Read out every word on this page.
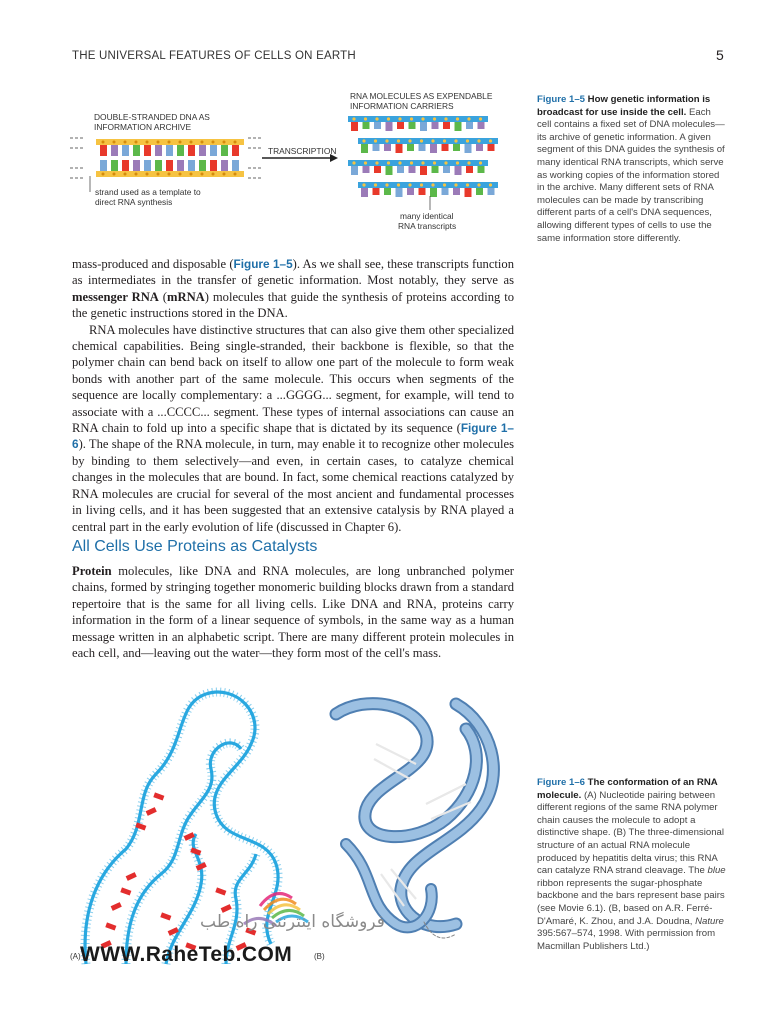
THE UNIVERSAL FEATURES OF CELLS ON EARTH	5
DOUBLE-STRANDED DNA AS
INFORMATION ARCHIVE
TRANSCRIPTION
RNA MOLECULES AS EXPENDABLE
INFORMATION CARRIERS
strand used as a template to
direct RNA synthesis
many identical
RNA transcripts
Figure 1–5 How genetic information is broadcast for use inside the cell. Each cell contains a fixed set of DNA molecules—its archive of genetic information. A given segment of this DNA guides the synthesis of many identical RNA transcripts, which serve as working copies of the information stored in the archive. Many different sets of RNA molecules can be made by transcribing different parts of a cell's DNA sequences, allowing different types of cells to use the same information store differently.

mass-produced and disposable (Figure 1–5). As we shall see, these transcripts function as intermediates in the transfer of genetic information. Most notably, they serve as messenger RNA (mRNA) molecules that guide the synthesis of proteins according to the genetic instructions stored in the DNA.

RNA molecules have distinctive structures that can also give them other specialized chemical capabilities. Being single-stranded, their backbone is flexible, so that the polymer chain can bend back on itself to allow one part of the molecule to form weak bonds with another part of the same molecule. This occurs when segments of the sequence are locally complementary: a ...GGGG... segment, for example, will tend to associate with a ...CCCC... segment. These types of internal associations can cause an RNA chain to fold up into a specific shape that is dictated by its sequence (Figure 1–6). The shape of the RNA molecule, in turn, may enable it to recognize other molecules by binding to them selectively—and even, in certain cases, to catalyze chemical changes in the molecules that are bound. In fact, some chemical reactions catalyzed by RNA molecules are crucial for several of the most ancient and fundamental processes in living cells, and it has been suggested that an extensive catalysis by RNA played a central part in the early evolution of life (discussed in Chapter 6).

All Cells Use Proteins as Catalysts

Protein molecules, like DNA and RNA molecules, are long unbranched polymer chains, formed by stringing together monomeric building blocks drawn from a standard repertoire that is the same for all living cells. Like DNA and RNA, proteins carry information in the form of a linear sequence of symbols, in the same way as a human message written in an alphabetic script. There are many different protein molecules in each cell, and—leaving out the water—they form most of the cell's mass.

(A)	(B)
Figure 1–6 The conformation of an RNA molecule. (A) Nucleotide pairing between different regions of the same RNA polymer chain causes the molecule to adopt a distinctive shape. (B) The three-dimensional structure of an actual RNA molecule produced by hepatitis delta virus; this RNA can catalyze RNA strand cleavage. The blue ribbon represents the sugar-phosphate backbone and the bars represent base pairs (see Movie 6.1). (B, based on A.R. Ferré-D'Amaré, K. Zhou, and J.A. Doudna, Nature 395:567–574, 1998. With permission from Macmillan Publishers Ltd.)
فروشگاه اینترنتی راه طب
WWW.RaheTeb.COM
